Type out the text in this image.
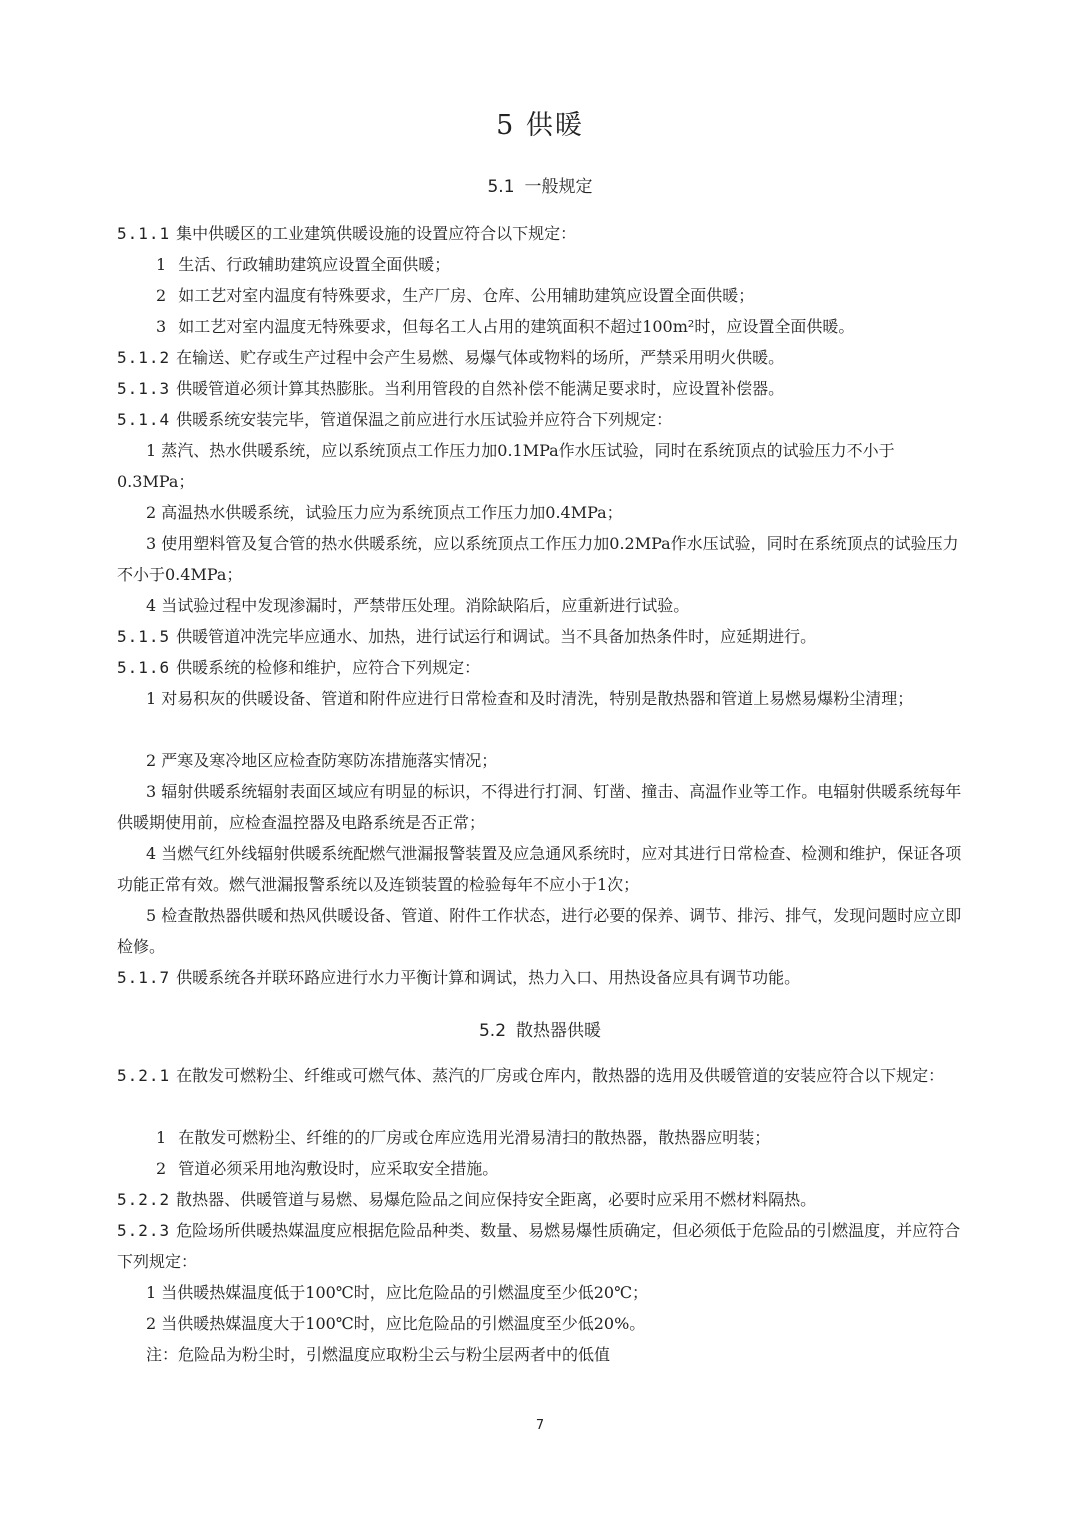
5 供暖
5.1 一般规定
5.1.1 集中供暖区的工业建筑供暖设施的设置应符合以下规定：
1 生活、行政辅助建筑应设置全面供暖；
2 如工艺对室内温度有特殊要求，生产厂房、仓库、公用辅助建筑应设置全面供暖；
3 如工艺对室内温度无特殊要求，但每名工人占用的建筑面积不超过100m²时，应设置全面供暖。
5.1.2 在输送、贮存或生产过程中会产生易燃、易爆气体或物料的场所，严禁采用明火供暖。
5.1.3 供暖管道必须计算其热膨胀。当利用管段的自然补偿不能满足要求时，应设置补偿器。
5.1.4 供暖系统安装完毕，管道保温之前应进行水压试验并应符合下列规定：
1 蒸汽、热水供暖系统，应以系统顶点工作压力加0.1MPa作水压试验，同时在系统顶点的试验压力不小于0.3MPa；
2 高温热水供暖系统，试验压力应为系统顶点工作压力加0.4MPa；
3 使用塑料管及复合管的热水供暖系统，应以系统顶点工作压力加0.2MPa作水压试验，同时在系统顶点的试验压力不小于0.4MPa；
4 当试验过程中发现渗漏时，严禁带压处理。消除缺陷后，应重新进行试验。
5.1.5 供暖管道冲洗完毕应通水、加热，进行试运行和调试。当不具备加热条件时，应延期进行。
5.1.6 供暖系统的检修和维护，应符合下列规定：
1 对易积灰的供暖设备、管道和附件应进行日常检查和及时清洗，特别是散热器和管道上易燃易爆粉尘清理；
2 严寒及寒冷地区应检查防寒防冻措施落实情况；
3 辐射供暖系统辐射表面区域应有明显的标识，不得进行打洞、钉凿、撞击、高温作业等工作。电辐射供暖系统每年供暖期使用前，应检查温控器及电路系统是否正常；
4 当燃气红外线辐射供暖系统配燃气泄漏报警装置及应急通风系统时，应对其进行日常检查、检测和维护，保证各项功能正常有效。燃气泄漏报警系统以及连锁装置的检验每年不应小于1次；
5 检查散热器供暖和热风供暖设备、管道、附件工作状态，进行必要的保养、调节、排污、排气，发现问题时应立即检修。
5.1.7 供暖系统各并联环路应进行水力平衡计算和调试，热力入口、用热设备应具有调节功能。
5.2 散热器供暖
5.2.1 在散发可燃粉尘、纤维或可燃气体、蒸汽的厂房或仓库内，散热器的选用及供暖管道的安装应符合以下规定：
1 在散发可燃粉尘、纤维的的厂房或仓库应选用光滑易清扫的散热器，散热器应明装；
2 管道必须采用地沟敷设时，应采取安全措施。
5.2.2 散热器、供暖管道与易燃、易爆危险品之间应保持安全距离，必要时应采用不燃材料隔热。
5.2.3 危险场所供暖热媒温度应根据危险品种类、数量、易燃易爆性质确定，但必须低于危险品的引燃温度，并应符合下列规定：
1 当供暖热媒温度低于100℃时，应比危险品的引燃温度至少低20℃；
2 当供暖热媒温度大于100℃时，应比危险品的引燃温度至少低20%。
注：危险品为粉尘时，引燃温度应取粉尘云与粉尘层两者中的低值
7
